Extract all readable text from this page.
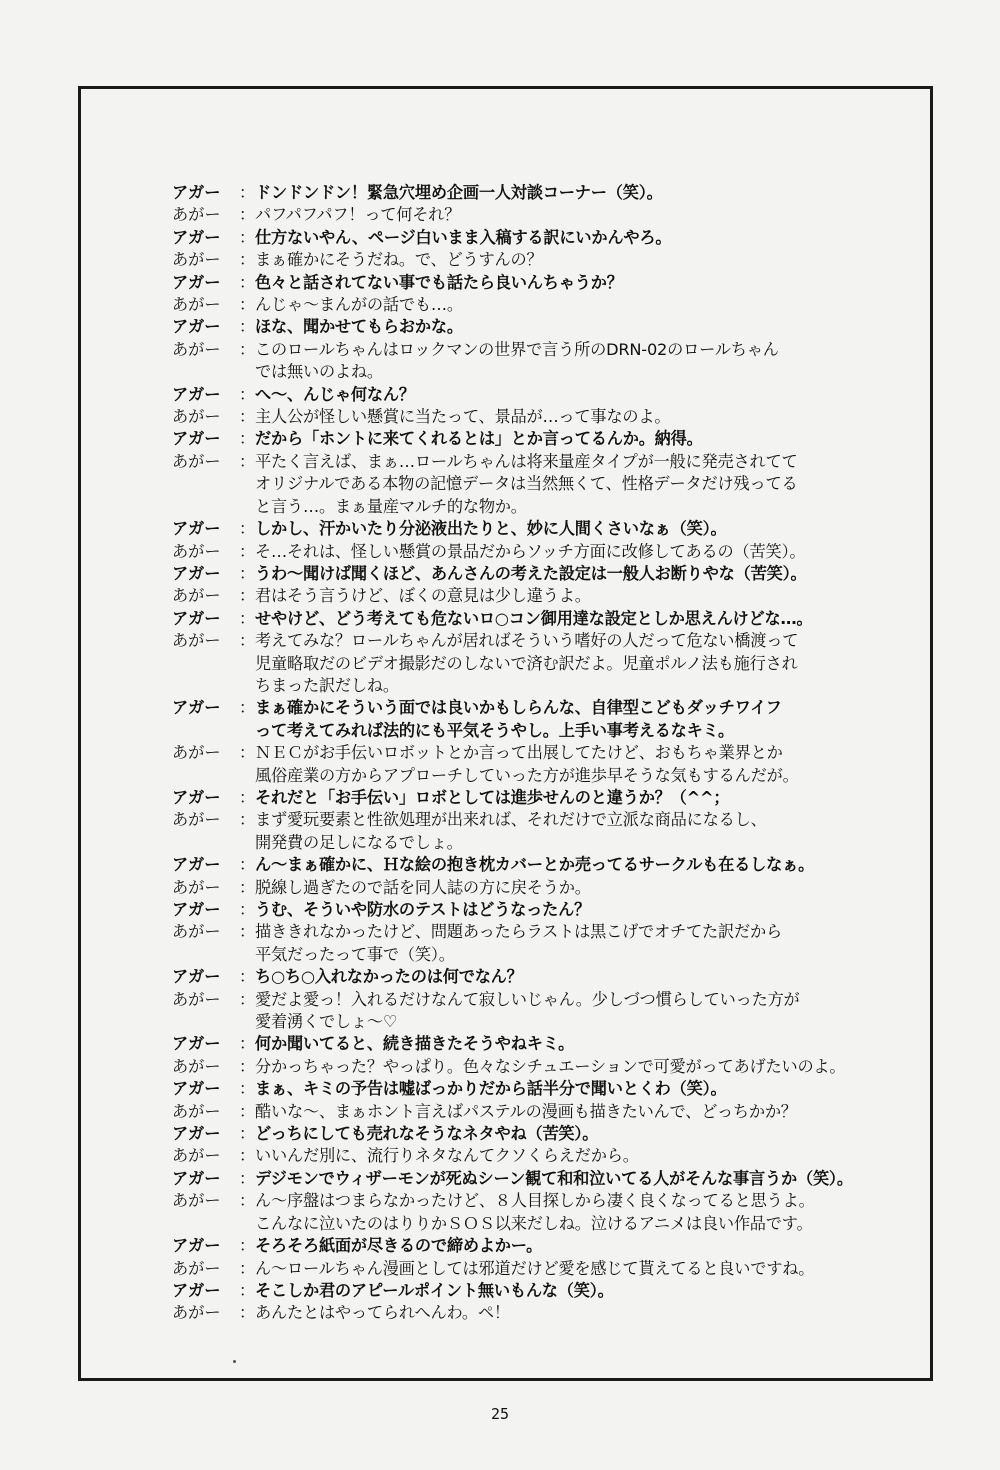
アガー	： ドンドンドン！緊急穴埋め企画一人対談コーナー（笑）。
あがー	： パフパフパフ！って何それ？
アガー	： 仕方ないやん、ページ白いまま入稿する訳にいかんやろ。
あがー	： まぁ確かにそうだね。で、どうすんの？
アガー	： 色々と話されてない事でも話たら良いんちゃうか？
あがー	： んじゃ～まんがの話でも…。
アガー	： ほな、聞かせてもらおかな。
あがー	： このロールちゃんはロックマンの世界で言う所のDRN-02のロールちゃん
では無いのよね。
アガー	： へ～、んじゃ何なん？
あがー	： 主人公が怪しい懸賞に当たって、景品が…って事なのよ。
アガー	： だから「ホントに来てくれるとは」とか言ってるんか。納得。
あがー	： 平たく言えば、まぁ…ロールちゃんは将来量産タイプが一般に発売されてて
オリジナルである本物の記憶データは当然無くて、性格データだけ残ってる
と言う…。まぁ量産マルチ的な物か。
アガー	： しかし、汗かいたり分泌液出たりと、妙に人間くさいなぁ（笑）。
あがー	： そ…それは、怪しい懸賞の景品だからソッチ方面に改修してあるの（苦笑）。
アガー	： うわ～聞けば聞くほど、あんさんの考えた設定は一般人お断りやな（苦笑）。
あがー	： 君はそう言うけど、ぼくの意見は少し違うよ。
アガー	： せやけど、どう考えても危ないロ○コン御用達な設定としか思えんけどな…。
あがー	： 考えてみな？ロールちゃんが居ればそういう嗜好の人だって危ない橋渡って
児童略取だのビデオ撮影だのしないで済む訳だよ。児童ポルノ法も施行され
ちまった訳だしね。
アガー	： まぁ確かにそういう面では良いかもしらんな、自律型こどもダッチワイフ
って考えてみれば法的にも平気そうやし。上手い事考えるなキミ。
あがー	： ＮＥＣがお手伝いロボットとか言って出展してたけど、おもちゃ業界とか
風俗産業の方からアプローチしていった方が進歩早そうな気もするんだが。
アガー	： それだと「お手伝い」ロボとしては進歩せんのと違うか？（^^；
あがー	： まず愛玩要素と性欲処理が出来れば、それだけで立派な商品になるし、
開発費の足しになるでしょ。
アガー	： ん～まぁ確かに、Ｈな絵の抱き枕カバーとか売ってるサークルも在るしなぁ。
あがー	： 脱線し過ぎたので話を同人誌の方に戻そうか。
アガー	： うむ、そういや防水のテストはどうなったん？
あがー	： 描ききれなかったけど、問題あったらラストは黒こげでオチてた訳だから
平気だったって事で（笑）。
アガー	： ち○ち○入れなかったのは何でなん？
あがー	： 愛だよ愛っ！入れるだけなんて寂しいじゃん。少しづつ慣らしていった方が
愛着湧くでしょ～♡
アガー	： 何か聞いてると、続き描きたそうやねキミ。
あがー	： 分かっちゃった？やっぱり。色々なシチュエーションで可愛がってあげたいのよ。
アガー	： まぁ、キミの予告は嘘ばっかりだから話半分で聞いとくわ（笑）。
あがー	： 酷いな～、まぁホント言えばパステルの漫画も描きたいんで、どっちかか？
アガー	： どっちにしても売れなそうなネタやね（苦笑）。
あがー	： いいんだ別に、流行りネタなんてクソくらえだから。
アガー	： デジモンでウィザーモンが死ぬシーン観て和和泣いてる人がそんな事言うか（笑）。
あがー	： ん～序盤はつまらなかったけど、８人目探しから凄く良くなってると思うよ。
こんなに泣いたのはりりかＳＯＳ以来だしね。泣けるアニメは良い作品です。
アガー	： そろそろ紙面が尽きるので締めよかー。
あがー	： ん～ロールちゃん漫画としては邪道だけど愛を感じて貰えてると良いですね。
アガー	： そこしか君のアピールポイント無いもんな（笑）。
あがー	： あんたとはやってられへんわ。ペ！
25
